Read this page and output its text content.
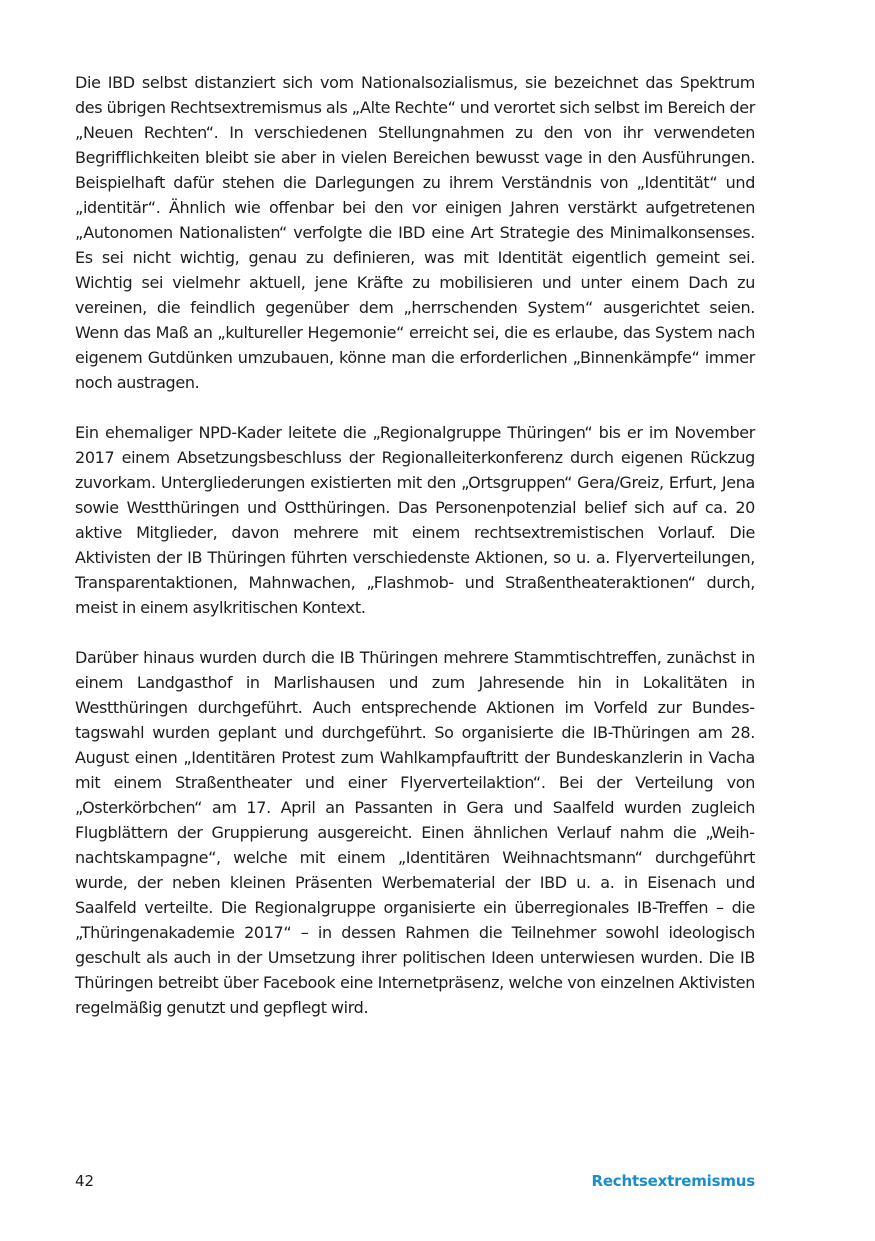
Die IBD selbst distanziert sich vom Nationalsozialismus, sie bezeichnet das Spektrum des übrigen Rechtsextremismus als „Alte Rechte“ und verortet sich selbst im Bereich der „Neuen Rechten“. In verschiedenen Stellungnahmen zu den von ihr verwendeten Begrifflichkeiten bleibt sie aber in vielen Bereichen bewusst vage in den Ausführungen. Beispielhaft dafür stehen die Darlegungen zu ihrem Verständnis von „Identität“ und „identitär“. Ähnlich wie offenbar bei den vor einigen Jahren verstärkt aufgetretenen „Autonomen Nationalisten“ verfolgte die IBD eine Art Strategie des Minimalkonsenses. Es sei nicht wichtig, genau zu definieren, was mit Identität eigentlich gemeint sei. Wichtig sei vielmehr aktuell, jene Kräfte zu mobilisieren und unter einem Dach zu vereinen, die feindlich gegenüber dem „herrschenden System“ ausgerichtet seien. Wenn das Maß an „kultureller Hegemonie“ erreicht sei, die es erlaube, das System nach eigenem Gutdünken umzubauen, könne man die erforderlichen „Binnenkämpfe“ immer noch austragen.

Ein ehemaliger NPD-Kader leitete die „Regionalgruppe Thüringen“ bis er im November 2017 einem Absetzungsbeschluss der Regionalleiterkonferenz durch eigenen Rückzug zuvorkam. Untergliederungen existierten mit den „Ortsgruppen“ Gera/Greiz, Erfurt, Jena sowie Westthüringen und Ostthüringen. Das Personenpotenzial belief sich auf ca. 20 aktive Mitglieder, davon mehrere mit einem rechtsextremistischen Vorlauf. Die Aktivisten der IB Thüringen führten verschiedenste Aktionen, so u. a. Flyerverteilungen, Transparentaktionen, Mahnwachen, „Flashmob- und Straßentheateraktionen“ durch, meist in einem asylkritischen Kontext.

Darüber hinaus wurden durch die IB Thüringen mehrere Stammtischtreffen, zunächst in einem Landgasthof in Marlishausen und zum Jahresende hin in Lokalitäten in Westthüringen durchgeführt. Auch entsprechende Aktionen im Vorfeld zur Bundestagswahl wurden geplant und durchgeführt. So organisierte die IB-Thüringen am 28. August einen „Identitären Protest zum Wahlkampfauftritt der Bundeskanzlerin in Vacha mit einem Straßentheater und einer Flyerverteilaktion“. Bei der Verteilung von „Osterkörbchen“ am 17. April an Passanten in Gera und Saalfeld wurden zugleich Flugblättern der Gruppierung ausgereicht. Einen ähnlichen Verlauf nahm die „Weihnachtskampagne“, welche mit einem „Identitären Weihnachtsmann“ durchgeführt wurde, der neben kleinen Präsenten Werbematerial der IBD u. a. in Eisenach und Saalfeld verteilte. Die Regionalgruppe organisierte ein überregionales IB-Treffen – die „Thüringenakademie 2017“ – in dessen Rahmen die Teilnehmer sowohl ideologisch geschult als auch in der Umsetzung ihrer politischen Ideen unterwiesen wurden. Die IB Thüringen betreibt über Facebook eine Internetpräsenz, welche von einzelnen Aktivisten regelmäßig genutzt und gepflegt wird.

42	Rechtsextremismus
